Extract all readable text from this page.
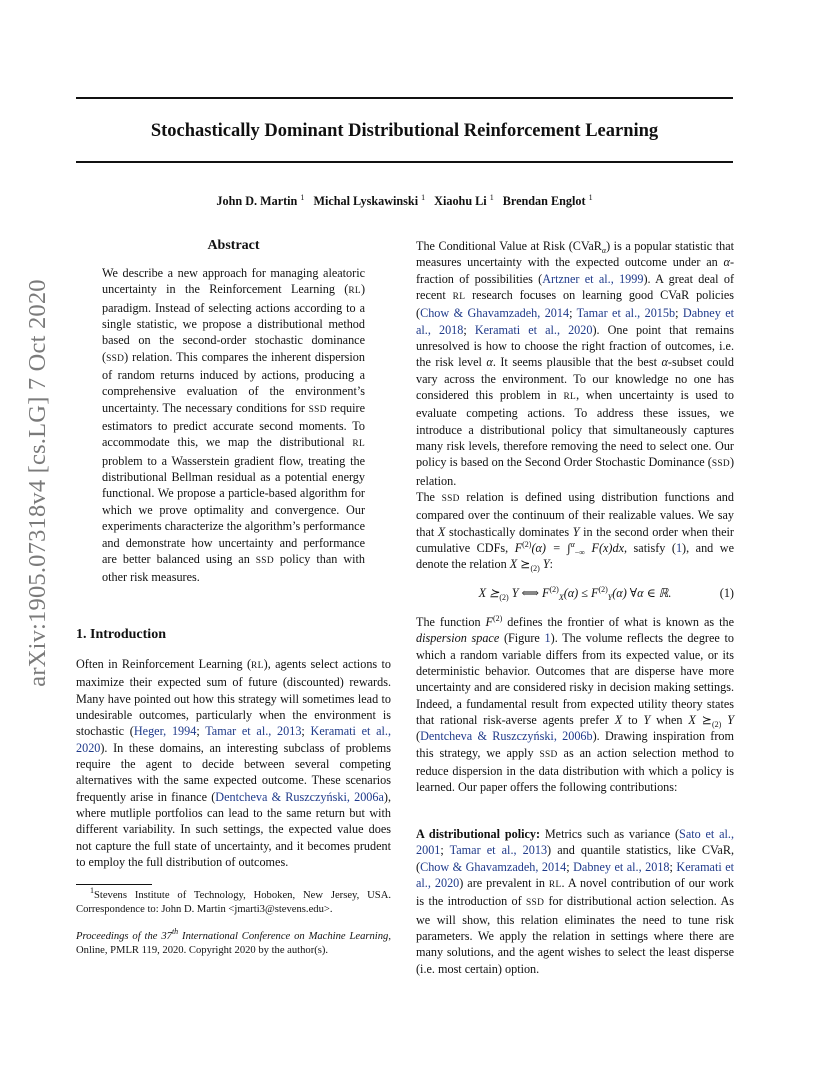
Stochastically Dominant Distributional Reinforcement Learning
John D. Martin $^1$ Michal Lyskawinski $^1$ Xiaohu Li $^1$ Brendan Englot $^1$
arXiv:1905.07318v4 [cs.LG] 7 Oct 2020
Abstract

We describe a new approach for managing aleatoric uncertainty in the Reinforcement Learning (RL) paradigm. Instead of selecting actions according to a single statistic, we propose a distributional method based on the second-order stochastic dominance (SSD) relation. This compares the inherent dispersion of random returns induced by actions, producing a comprehensive evaluation of the environment’s uncertainty. The necessary conditions for SSD require estimators to predict accurate second moments. To accommodate this, we map the distributional RL problem to a Wasserstein gradient flow, treating the distributional Bellman residual as a potential energy functional. We propose a particle-based algorithm for which we prove optimality and convergence. Our experiments characterize the algorithm’s performance and demonstrate how uncertainty and performance are better balanced using an SSD policy than with other risk measures.

1. Introduction

Often in Reinforcement Learning (RL), agents select actions to maximize their expected sum of future (discounted) rewards. Many have pointed out how this strategy will sometimes lead to undesirable outcomes, particularly when the environment is stochastic (Heger, 1994; Tamar et al., 2013; Keramati et al., 2020). In these domains, an interesting subclass of problems require the agent to decide between several competing alternatives with the same expected outcome. These scenarios frequently arise in finance (Dentcheva & Ruszczyński, 2006a), where mutliple portfolios can lead to the same return but with different variability. In such settings, the expected value does not capture the full state of uncertainty, and it becomes prudent to employ the full distribution of outcomes.

$^1$Stevens Institute of Technology, Hoboken, New Jersey, USA. Correspondence to: John D. Martin <jmarti3@stevens.edu>.

Proceedings of the 37th International Conference on Machine Learning, Online, PMLR 119, 2020. Copyright 2020 by the author(s).

The Conditional Value at Risk (CVaR$_\alpha$) is a popular statistic that measures uncertainty with the expected outcome under an α-fraction of possibilities (Artzner et al., 1999). A great deal of recent RL research focuses on learning good CVaR policies (Chow & Ghavamzadeh, 2014; Tamar et al., 2015b; Dabney et al., 2018; Keramati et al., 2020). One point that remains unresolved is how to choose the right fraction of outcomes, i.e. the risk level α. It seems plausible that the best α-subset could vary across the environment. To our knowledge no one has considered this problem in RL, when uncertainty is used to evaluate competing actions. To address these issues, we introduce a distributional policy that simultaneously captures many risk levels, therefore removing the need to select one. Our policy is based on the Second Order Stochastic Dominance (SSD) relation.

The SSD relation is defined using distribution functions and compared over the continuum of their realizable values. We say that X stochastically dominates Y in the second order when their cumulative CDFs, $F^{(2)}(\alpha) = \int^\alpha_{-\infty}$ F(x)dx, satisfy (1), and we denote the relation X $⪰_{(2)}$ Y:

X $⪰_{(2)}$ Y ⟺ $F^{(2)}_X(\alpha) \le F^{(2)}_Y(\alpha)$ ∀α ∈ ℝ.	(1)

The function $F^{(2)}$ defines the frontier of what is known as the dispersion space (Figure 1). The volume reflects the degree to which a random variable differs from its expected value, or its deterministic behavior. Outcomes that are disperse have more uncertainty and are considered risky in decision making settings. Indeed, a fundamental result from expected utility theory states that rational risk-averse agents prefer X to Y when X $⪰_{(2)}$ Y (Dentcheva & Ruszczyński, 2006b). Drawing inspiration from this strategy, we apply SSD as an action selection method to reduce dispersion in the data distribution with which a policy is learned. Our paper offers the following contributions:

A distributional policy: Metrics such as variance (Sato et al., 2001; Tamar et al., 2013) and quantile statistics, like CVaR, (Chow & Ghavamzadeh, 2014; Dabney et al., 2018; Keramati et al., 2020) are prevalent in RL. A novel contribution of our work is the introduction of SSD for distributional action selection. As we will show, this relation eliminates the need to tune risk parameters. We apply the relation in settings where there are many solutions, and the agent wishes to select the least disperse (i.e. most certain) option.
